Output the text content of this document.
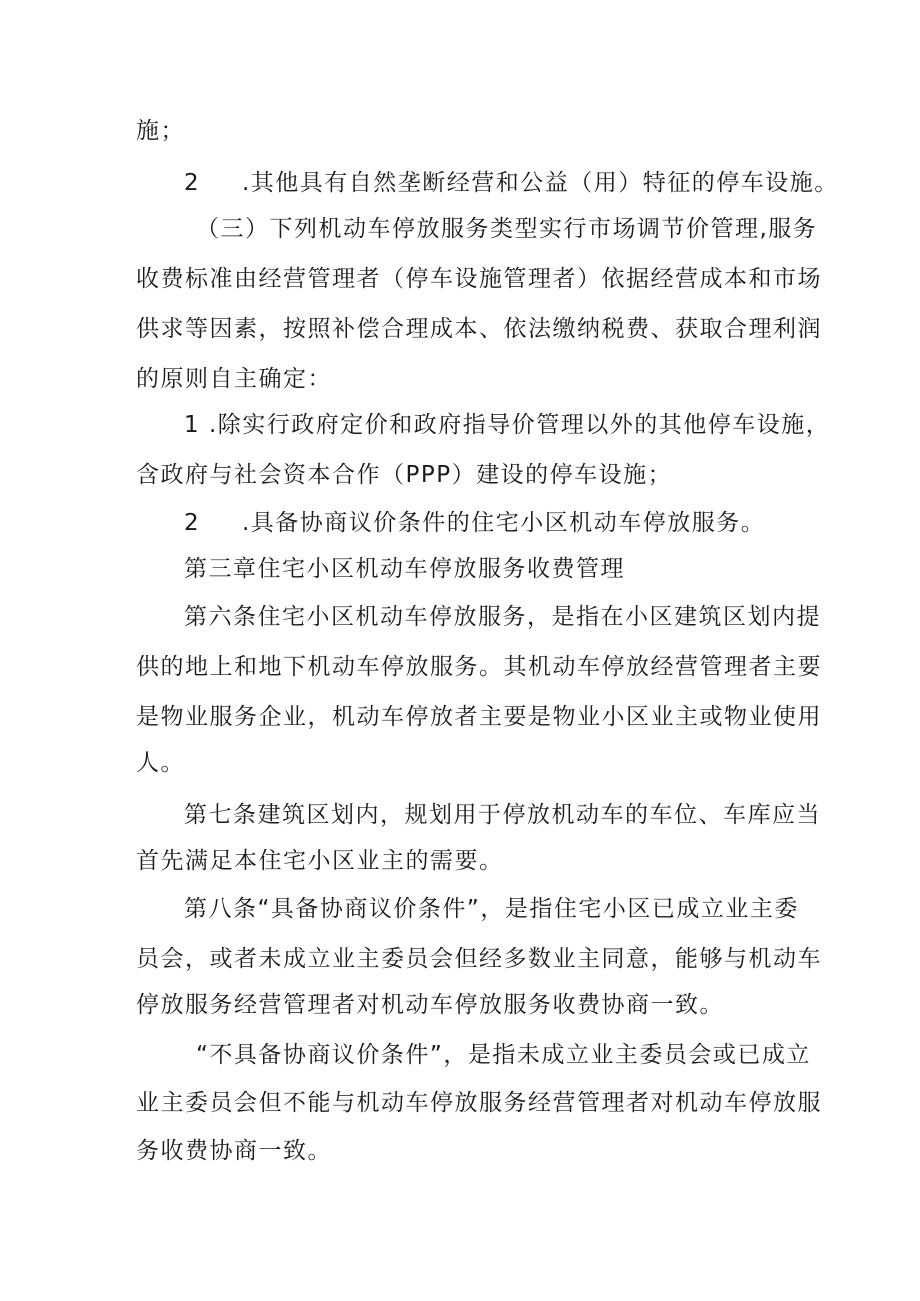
施；
2 .其他具有自然垄断经营和公益（用）特征的停车设施。
（三）下列机动车停放服务类型实行市场调节价管理,服务
收费标准由经营管理者（停车设施管理者）依据经营成本和市场
供求等因素，按照补偿合理成本、依法缴纳税费、获取合理利润
的原则自主确定：
1 .除实行政府定价和政府指导价管理以外的其他停车设施，
含政府与社会资本合作（PPP）建设的停车设施；
2 .具备协商议价条件的住宅小区机动车停放服务。
第三章住宅小区机动车停放服务收费管理
第六条住宅小区机动车停放服务，是指在小区建筑区划内提
供的地上和地下机动车停放服务。其机动车停放经营管理者主要
是物业服务企业，机动车停放者主要是物业小区业主或物业使用
人。
第七条建筑区划内，规划用于停放机动车的车位、车库应当
首先满足本住宅小区业主的需要。
第八条“具备协商议价条件”，是指住宅小区已成立业主委
员会，或者未成立业主委员会但经多数业主同意，能够与机动车
停放服务经营管理者对机动车停放服务收费协商一致。
“不具备协商议价条件”，是指未成立业主委员会或已成立
业主委员会但不能与机动车停放服务经营管理者对机动车停放服
务收费协商一致。
